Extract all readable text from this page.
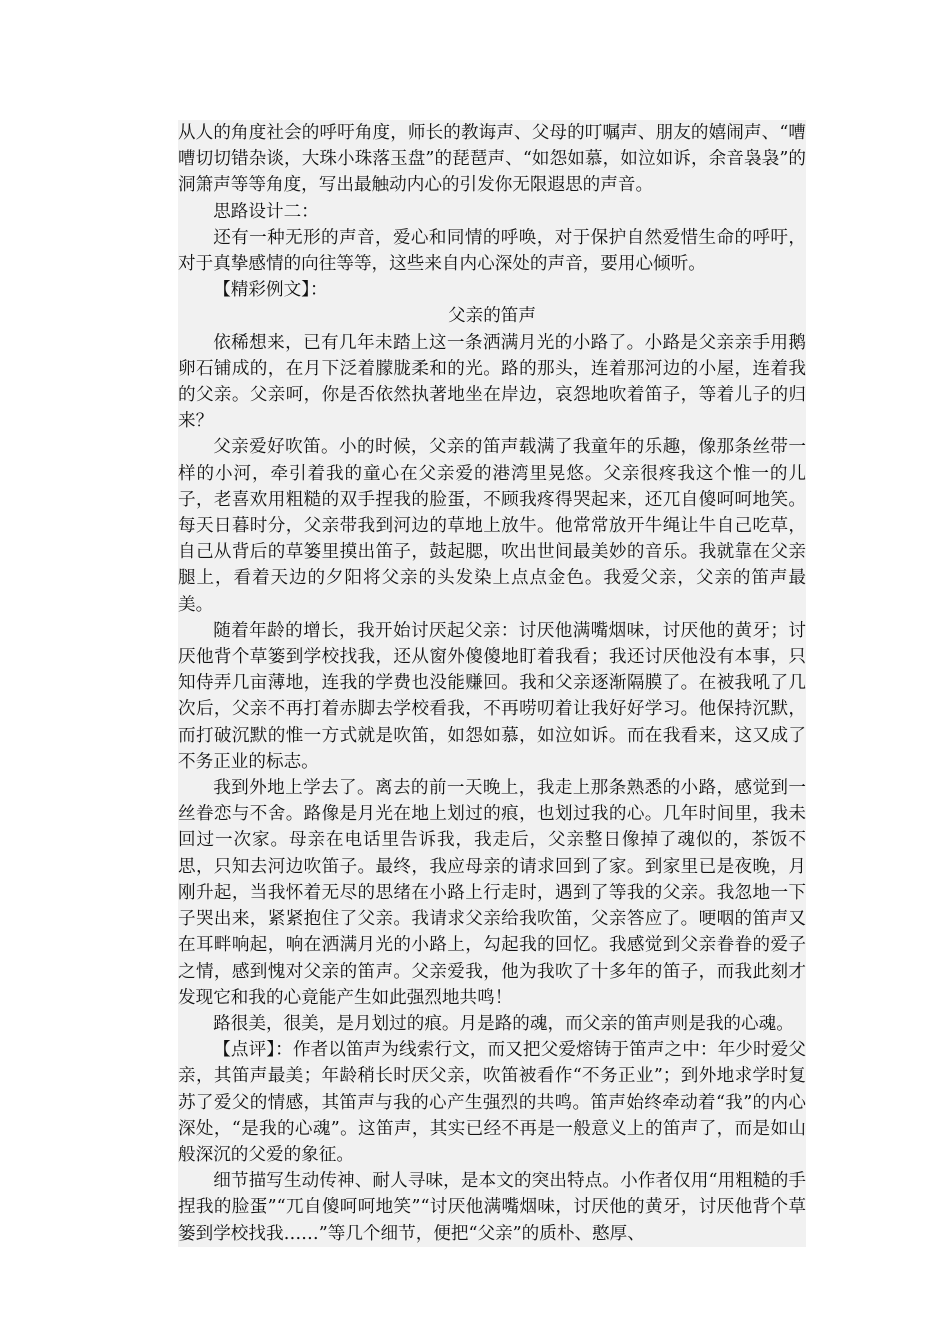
从人的角度社会的呼吁角度，师长的教诲声、父母的叮嘱声、朋友的嬉闹声、“嘈嘈切切错杂谈，大珠小珠落玉盘”的琵琶声、“如怨如慕，如泣如诉，余音袅袅”的洞箫声等等角度，写出最触动内心的引发你无限遐思的声音。

思路设计二：

还有一种无形的声音，爱心和同情的呼唤，对于保护自然爱惜生命的呼吁，对于真挚感情的向往等等，这些来自内心深处的声音，要用心倾听。

【精彩例文】：

父亲的笛声

依稀想来，已有几年未踏上这一条洒满月光的小路了。小路是父亲亲手用鹅卵石铺成的，在月下泛着朦胧柔和的光。路的那头，连着那河边的小屋，连着我的父亲。父亲呵，你是否依然执著地坐在岸边，哀怨地吹着笛子，等着儿子的归来？

父亲爱好吹笛。小的时候，父亲的笛声载满了我童年的乐趣，像那条丝带一样的小河，牵引着我的童心在父亲爱的港湾里晃悠。父亲很疼我这个惟一的儿子，老喜欢用粗糙的双手捏我的脸蛋，不顾我疼得哭起来，还兀自傻呵呵地笑。每天日暮时分，父亲带我到河边的草地上放牛。他常常放开牛绳让牛自己吃草，自己从背后的草篓里摸出笛子，鼓起腮，吹出世间最美妙的音乐。我就靠在父亲腿上，看着天边的夕阳将父亲的头发染上点点金色。我爱父亲，父亲的笛声最美。

随着年龄的增长，我开始讨厌起父亲：讨厌他满嘴烟味，讨厌他的黄牙；讨厌他背个草篓到学校找我，还从窗外傻傻地盯着我看；我还讨厌他没有本事，只知侍弄几亩薄地，连我的学费也没能赚回。我和父亲逐渐隔膜了。在被我吼了几次后，父亲不再打着赤脚去学校看我，不再唠叨着让我好好学习。他保持沉默，而打破沉默的惟一方式就是吹笛，如怨如慕，如泣如诉。而在我看来，这又成了不务正业的标志。

我到外地上学去了。离去的前一天晚上，我走上那条熟悉的小路，感觉到一丝眷恋与不舍。路像是月光在地上划过的痕，也划过我的心。几年时间里，我未回过一次家。母亲在电话里告诉我，我走后，父亲整日像掉了魂似的，茶饭不思，只知去河边吹笛子。最终，我应母亲的请求回到了家。到家里已是夜晚，月刚升起，当我怀着无尽的思绪在小路上行走时，遇到了等我的父亲。我忽地一下子哭出来，紧紧抱住了父亲。我请求父亲给我吹笛，父亲答应了。哽咽的笛声又在耳畔响起，响在洒满月光的小路上，勾起我的回忆。我感觉到父亲眷眷的爱子之情，感到愧对父亲的笛声。父亲爱我，他为我吹了十多年的笛子，而我此刻才发现它和我的心竟能产生如此强烈地共鸣！

路很美，很美，是月划过的痕。月是路的魂，而父亲的笛声则是我的心魂。

【点评】：作者以笛声为线索行文，而又把父爱熔铸于笛声之中：年少时爱父亲，其笛声最美；年龄稍长时厌父亲，吹笛被看作“不务正业”；到外地求学时复苏了爱父的情感，其笛声与我的心产生强烈的共鸣。笛声始终牵动着“我”的内心深处，“是我的心魂”。这笛声，其实已经不再是一般意义上的笛声了，而是如山般深沉的父爱的象征。

细节描写生动传神、耐人寻味，是本文的突出特点。小作者仅用“用粗糙的手捏我的脸蛋”“兀自傻呵呵地笑”“讨厌他满嘴烟味，讨厌他的黄牙，讨厌他背个草篓到学校找我……”等几个细节，便把“父亲”的质朴、憨厚、
